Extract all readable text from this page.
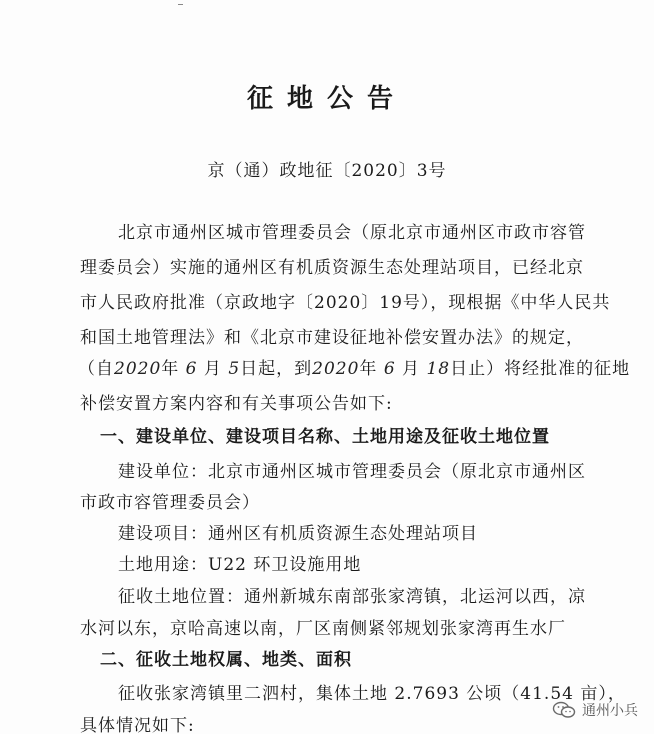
征地公告
京（通）政地征〔2020〕3号
北京市通州区城市管理委员会（原北京市通州区市政市容管
理委员会）实施的通州区有机质资源生态处理站项目，已经北京
市人民政府批准（京政地字〔2020〕19号），现根据《中华人民共
和国土地管理法》和《北京市建设征地补偿安置办法》的规定，
（自2020年 6 月 5日起，到2020年 6 月 18日止）将经批准的征地
补偿安置方案内容和有关事项公告如下:
一、建设单位、建设项目名称、土地用途及征收土地位置
建设单位：北京市通州区城市管理委员会（原北京市通州区
市政市容管理委员会）
建设项目：通州区有机质资源生态处理站项目
土地用途：U22 环卫设施用地
征收土地位置：通州新城东南部张家湾镇，北运河以西，凉
水河以东，京哈高速以南，厂区南侧紧邻规划张家湾再生水厂
二、征收土地权属、地类、面积
征收张家湾镇里二泗村，集体土地 2.7693 公顷（41.54 亩），
具体情况如下:
通州小兵
